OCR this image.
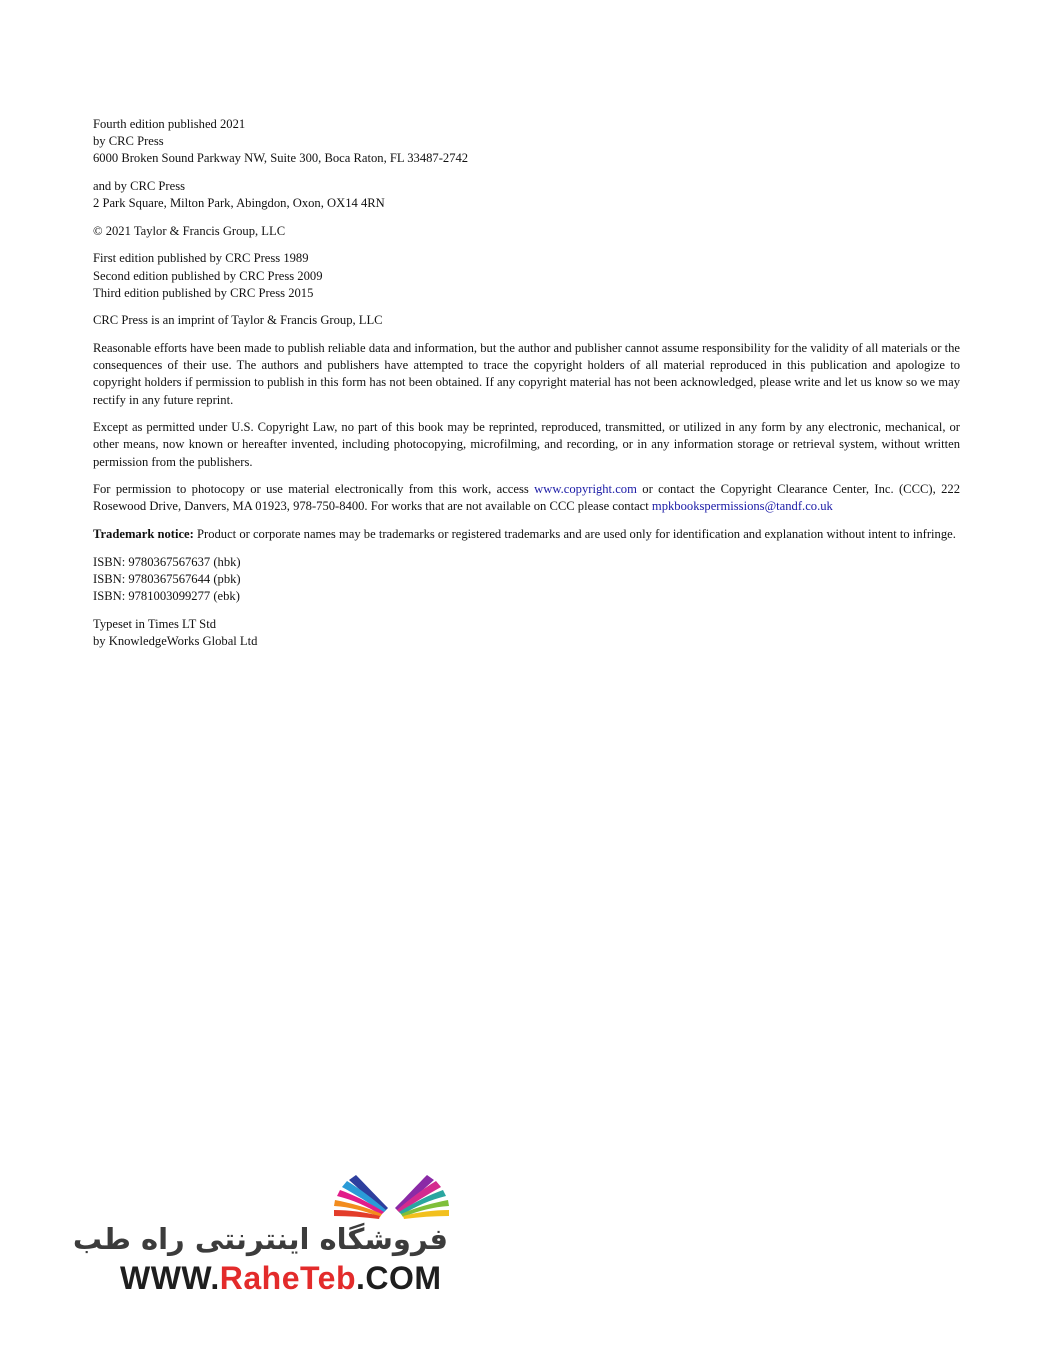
Fourth edition published 2021
by CRC Press
6000 Broken Sound Parkway NW, Suite 300, Boca Raton, FL 33487-2742
and by CRC Press
2 Park Square, Milton Park, Abingdon, Oxon, OX14 4RN
© 2021 Taylor & Francis Group, LLC
First edition published by CRC Press 1989
Second edition published by CRC Press 2009
Third edition published by CRC Press 2015
CRC Press is an imprint of Taylor & Francis Group, LLC
Reasonable efforts have been made to publish reliable data and information, but the author and publisher cannot assume responsibility for the validity of all materials or the consequences of their use. The authors and publishers have attempted to trace the copyright holders of all material reproduced in this publication and apologize to copyright holders if permission to publish in this form has not been obtained. If any copyright material has not been acknowledged, please write and let us know so we may rectify in any future reprint.
Except as permitted under U.S. Copyright Law, no part of this book may be reprinted, reproduced, transmitted, or utilized in any form by any electronic, mechanical, or other means, now known or hereafter invented, including photocopying, microfilming, and recording, or in any information storage or retrieval system, without written permission from the publishers.
For permission to photocopy or use material electronically from this work, access www.copyright.com or contact the Copyright Clearance Center, Inc. (CCC), 222 Rosewood Drive, Danvers, MA 01923, 978-750-8400. For works that are not available on CCC please contact mpkbookspermissions@tandf.co.uk
Trademark notice: Product or corporate names may be trademarks or registered trademarks and are used only for identification and explanation without intent to infringe.
ISBN: 9780367567637 (hbk)
ISBN: 9780367567644 (pbk)
ISBN: 9781003099277 (ebk)
Typeset in Times LT Std
by KnowledgeWorks Global Ltd
فروشگاه اینترنتی راه طب
WWW.RaheTeb.COM
